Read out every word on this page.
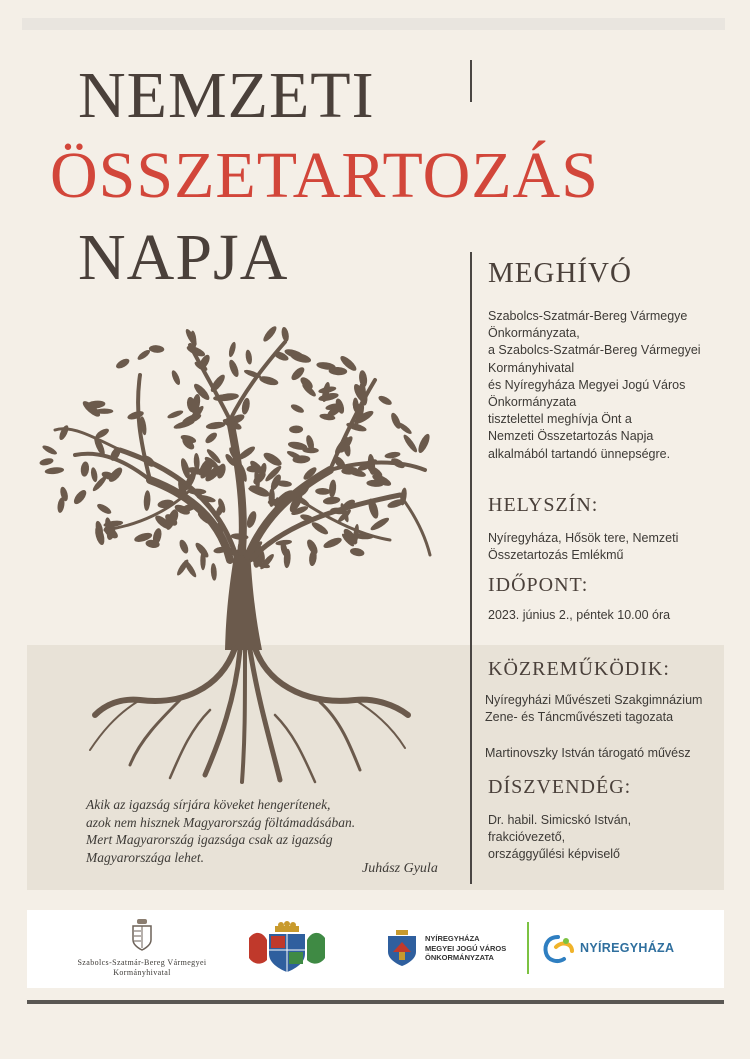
NEMZETI
ÖSSZETARTOZÁS
NAPJA	MEGHÍVÓ
Szabolcs-Szatmár-Bereg Vármegye
Önkormányzata,
a Szabolcs-Szatmár-Bereg Vármegyei
Kormányhivatal
és Nyíregyháza Megyei Jogú Város
Önkormányzata
tisztelettel meghívja Önt a
Nemzeti Összetartozás Napja
alkalmából tartandó ünnepségre.
HELYSZÍN:
Nyíregyháza, Hősök tere, Nemzeti
Összetartozás Emlékmű
IDŐPONT:
2023. június 2., péntek 10.00 óra
KÖZREMŰKÖDIK:
Nyíregyházi Művészeti Szakgimnázium
Zene- és Táncművészeti tagozata
Martinovszky István tárogató művész
DÍSZVENDÉG:
Dr. habil. Simicskó István,
frakcióvezető,
országgyűlési képviselő
Akik az igazság sírjára köveket hengerítenek,
azok nem hisznek Magyarország föltámadásában.
Mert Magyarország igazsága csak az igazság
Magyarországa lehet.
Juhász Gyula
Szabolcs-Szatmár-Bereg Vármegyei
Kormányhivatal
NYÍREGYHÁZA
MEGYEI JOGÚ VÁROS
ÖNKORMÁNYZATA
NYÍREGYHÁZA
